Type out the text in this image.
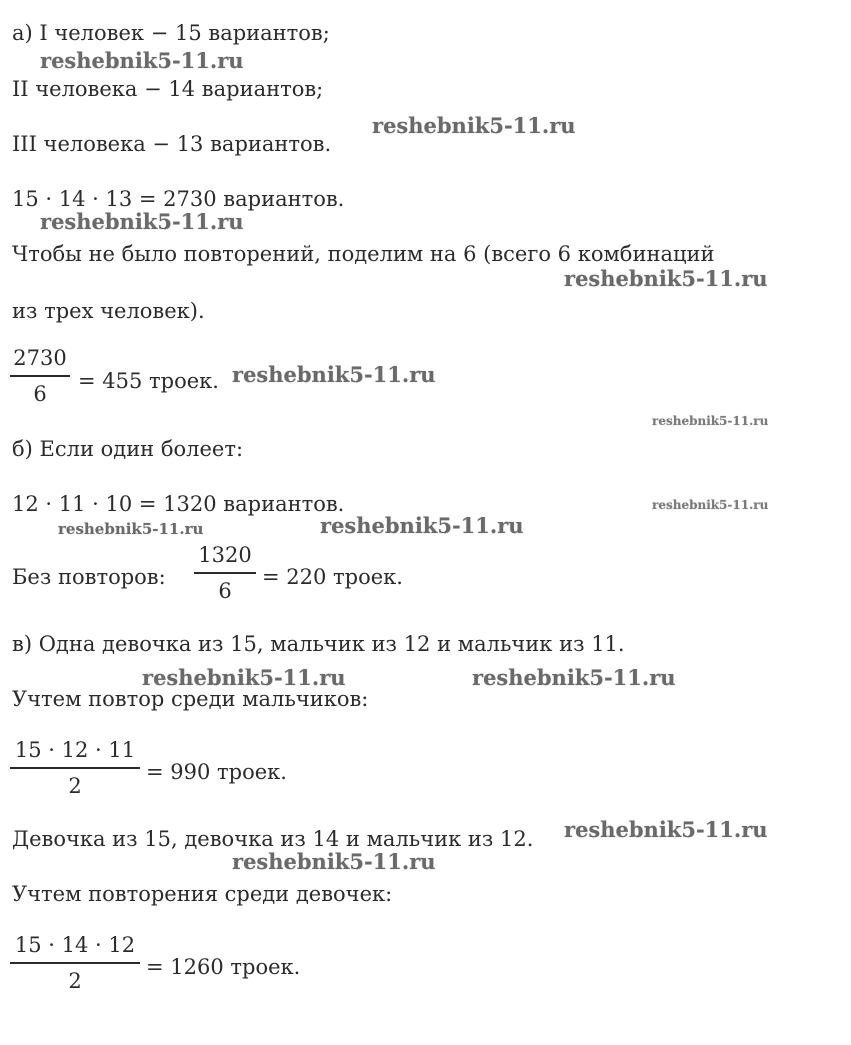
а) I человек − 15 вариантов;

II человека − 14 вариантов;

III человека − 13 вариантов.

15 · 14 · 13 = 2730 вариантов.

Чтобы не было повторений, поделим на 6 (всего 6 комбинаций

из трех человек).

2730
6
= 455 троек.

б) Если один болеет:

12 · 11 · 10 = 1320 вариантов.

Без повторов:

1320
6
= 220 троек.

в) Одна девочка из 15, мальчик из 12 и мальчик из 11.

Учтем повтор среди мальчиков:

15 · 12 · 11
2
= 990 троек.

Девочка из 15, девочка из 14 и мальчик из 12.

Учтем повторения среди девочек:

15 · 14 · 12
2
= 1260 троек.
reshebnik5-11.ru
reshebnik5-11.ru
reshebnik5-11.ru
reshebnik5-11.ru
reshebnik5-11.ru
reshebnik5-11.ru
reshebnik5-11.ru
reshebnik5-11.ru	reshebnik5-11.ru
reshebnik5-11.ru	reshebnik5-11.ru
reshebnik5-11.ru
reshebnik5-11.ru
